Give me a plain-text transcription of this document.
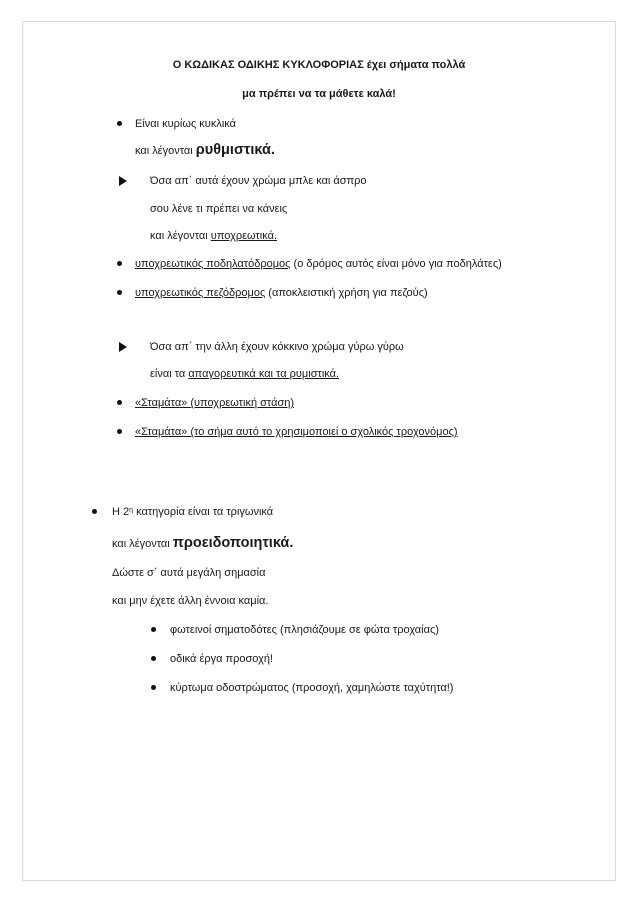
Ο ΚΩΔΙΚΑΣ ΟΔΙΚΗΣ ΚΥΚΛΟΦΟΡΙΑΣ έχει σήματα πολλά
μα πρέπει να τα μάθετε καλά!
Είναι κυρίως κυκλικά
και λέγονται ρυθμιστικά.
Όσα απ΄ αυτά έχουν χρώμα μπλε και άσπρο
σου λένε τι πρέπει να κάνεις
και λέγονται υποχρεωτικά.
υποχρεωτικός ποδηλατόδρομος (ο δρόμος αυτός είναι μόνο για ποδηλάτες)
υποχρεωτικός πεζόδρομος (αποκλειστική χρήση για πεζούς)
Όσα απ΄ την άλλη έχουν κόκκινο χρώμα γύρω γύρω
είναι τα απαγορευτικά και τα ρυμιστικά.
«Σταμάτα» (υποχρεωτική στάση)
«Σταμάτα» (το σήμα αυτό το χρησιμοποιεί ο σχολικός τροχονόμος)
Η $2^\eta$ κατηγορία είναι τα τριγωνικά
και λέγονται προειδοποιητικά.
Δώστε σ΄ αυτά μεγάλη σημασία
και μην έχετε άλλη έννοια καμία.
φωτεινοί σηματοδότες (πλησιάζουμε σε φώτα τροχαίας)
οδικά έργα προσοχή!
κύρτωμα οδοστρώματος (προσοχή, χαμηλώστε ταχύτητα!)
